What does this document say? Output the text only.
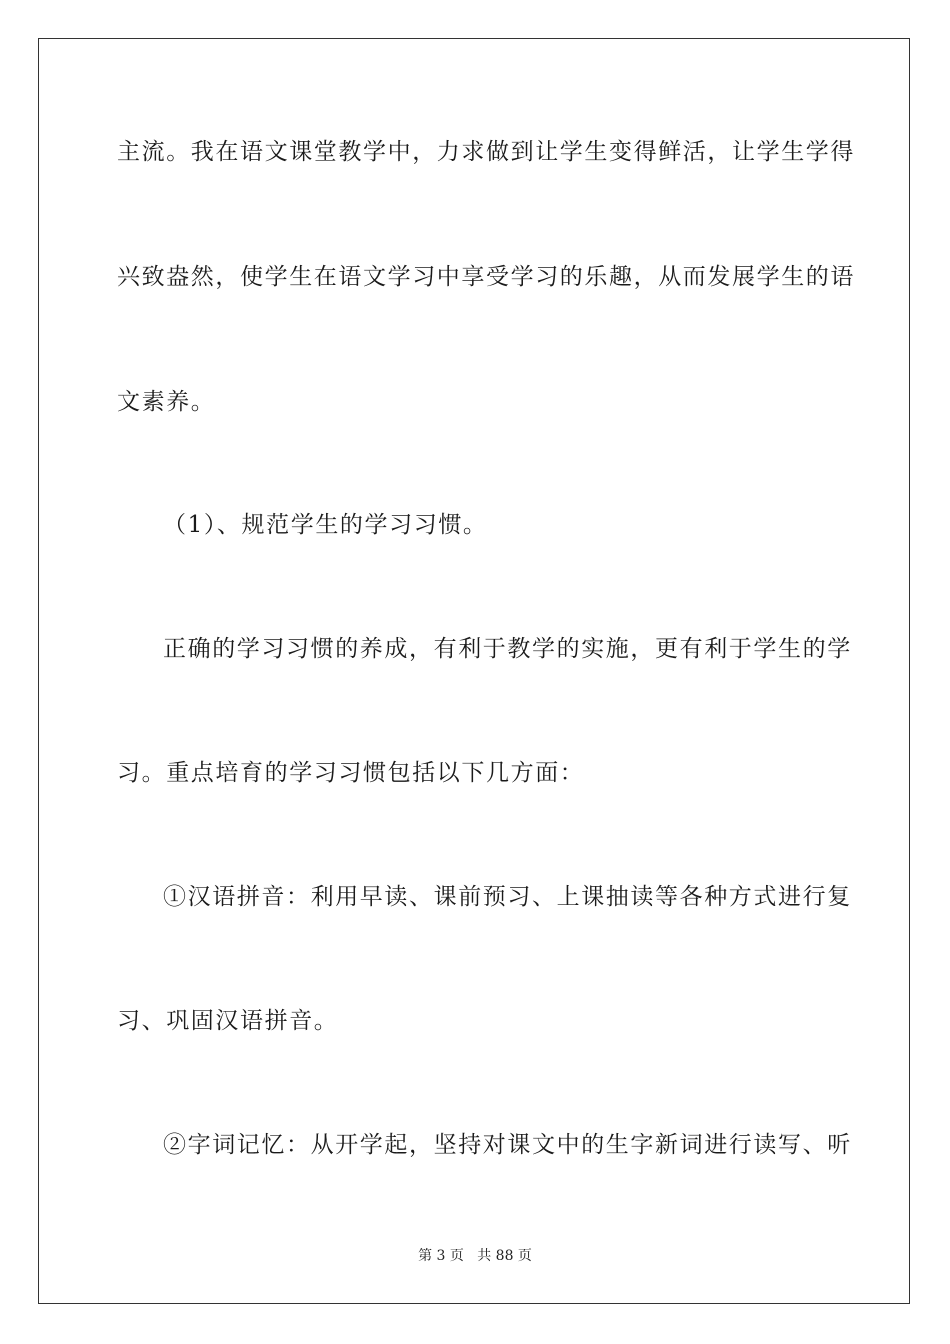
主流。我在语文课堂教学中，力求做到让学生变得鲜活，让学生学得
兴致盎然，使学生在语文学习中享受学习的乐趣，从而发展学生的语
文素养。
（1）、规范学生的学习习惯。
正确的学习习惯的养成，有利于教学的实施，更有利于学生的学
习。重点培育的学习习惯包括以下几方面：
①汉语拼音：利用早读、课前预习、上课抽读等各种方式进行复
习、巩固汉语拼音。
②字词记忆：从开学起，坚持对课文中的生字新词进行读写、听
第 3 页   共 88 页
